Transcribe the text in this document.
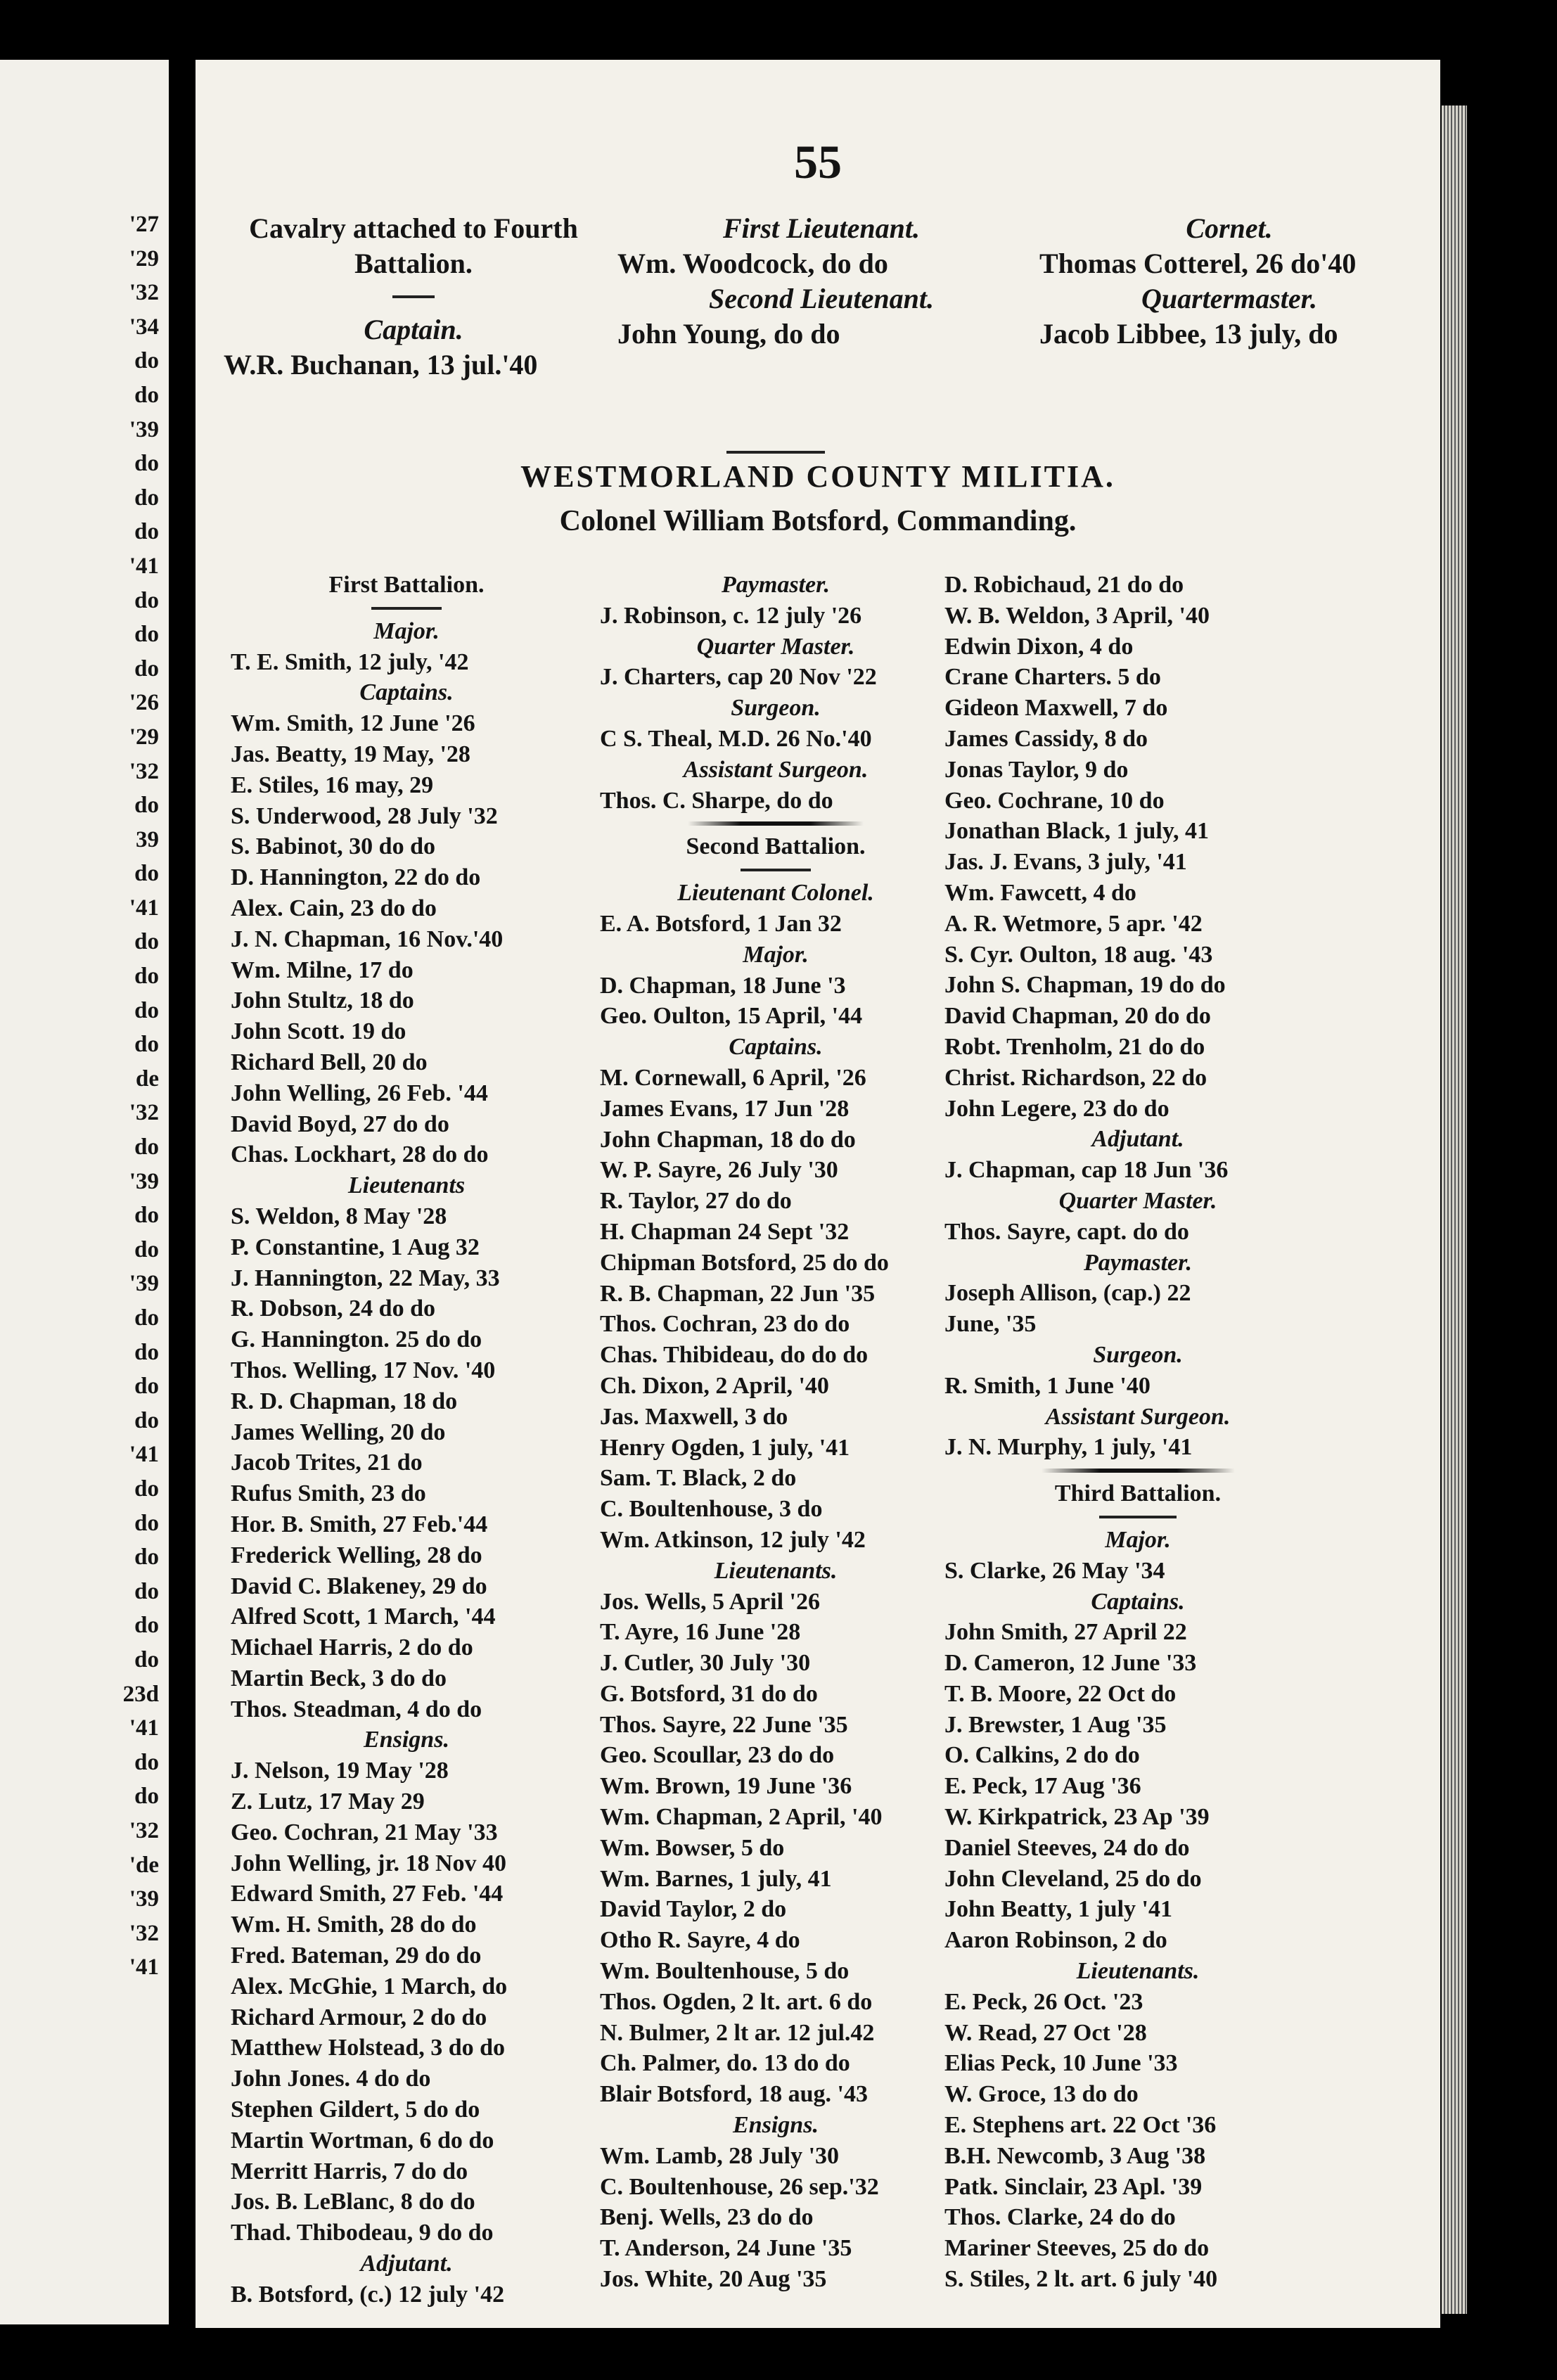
'27
'29
'32
'34
do
do
'39
do
do
do
'41
do
do
do
'26
'29
'32
do
39
do
'41
do
do
do
do
de
'32
do
'39
do
do
'39
do
do
do
do
'41
do
do
do
do
do
do
23d
'41
do
do
'32
'de
'39
'32
'41
55
Cavalry attached to Fourth
Battalion.
Captain.
W.R. Buchanan, 13 jul.'40
First Lieutenant.
Wm. Woodcock, do do
Second Lieutenant.
John Young, do do
Cornet.
Thomas Cotterel, 26 do'40
Quartermaster.
Jacob Libbee, 13 july, do
WESTMORLAND COUNTY MILITIA.
Colonel William Botsford, Commanding.
First Battalion.
Major.
T. E. Smith, 12 july, '42
Captains.
Wm. Smith, 12 June '26
Jas. Beatty, 19 May, '28
E. Stiles, 16 may, 29
S. Underwood, 28 July '32
S. Babinot, 30 do do
D. Hannington, 22 do do
Alex. Cain, 23 do do
J. N. Chapman, 16 Nov.'40
Wm. Milne, 17 do
John Stultz, 18 do
John Scott. 19 do
Richard Bell, 20 do
John Welling, 26 Feb. '44
David Boyd, 27 do do
Chas. Lockhart, 28 do do
Lieutenants
S. Weldon, 8 May '28
P. Constantine, 1 Aug 32
J. Hannington, 22 May, 33
R. Dobson, 24 do do
G. Hannington. 25 do do
Thos. Welling, 17 Nov. '40
R. D. Chapman, 18 do
James Welling, 20 do
Jacob Trites, 21 do
Rufus Smith, 23 do
Hor. B. Smith, 27 Feb.'44
Frederick Welling, 28 do
David C. Blakeney, 29 do
Alfred Scott, 1 March, '44
Michael Harris, 2 do do
Martin Beck, 3 do do
Thos. Steadman, 4 do do
Ensigns.
J. Nelson, 19 May '28
Z. Lutz, 17 May 29
Geo. Cochran, 21 May '33
John Welling, jr. 18 Nov 40
Edward Smith, 27 Feb. '44
Wm. H. Smith, 28 do do
Fred. Bateman, 29 do do
Alex. McGhie, 1 March, do
Richard Armour, 2 do do
Matthew Holstead, 3 do do
John Jones. 4 do do
Stephen Gildert, 5 do do
Martin Wortman, 6 do do
Merritt Harris, 7 do do
Jos. B. LeBlanc, 8 do do
Thad. Thibodeau, 9 do do
Adjutant.
B. Botsford, (c.) 12 july '42
Paymaster.
J. Robinson, c. 12 july '26
Quarter Master.
J. Charters, cap 20 Nov '22
Surgeon.
C S. Theal, M.D. 26 No.'40
Assistant Surgeon.
Thos. C. Sharpe, do do
Second Battalion.
Lieutenant Colonel.
E. A. Botsford, 1 Jan 32
Major.
D. Chapman, 18 June '3
Geo. Oulton, 15 April, '44
Captains.
M. Cornewall, 6 April, '26
James Evans, 17 Jun '28
John Chapman, 18 do do
W. P. Sayre, 26 July '30
R. Taylor, 27 do do
H. Chapman 24 Sept '32
Chipman Botsford, 25 do do
R. B. Chapman, 22 Jun '35
Thos. Cochran, 23 do do
Chas. Thibideau, do do do
Ch. Dixon, 2 April, '40
Jas. Maxwell, 3 do
Henry Ogden, 1 july, '41
Sam. T. Black, 2 do
C. Boultenhouse, 3 do
Wm. Atkinson, 12 july '42
Lieutenants.
Jos. Wells, 5 April '26
T. Ayre, 16 June '28
J. Cutler, 30 July '30
G. Botsford, 31 do do
Thos. Sayre, 22 June '35
Geo. Scoullar, 23 do do
Wm. Brown, 19 June '36
Wm. Chapman, 2 April, '40
Wm. Bowser, 5 do
Wm. Barnes, 1 july, 41
David Taylor, 2 do
Otho R. Sayre, 4 do
Wm. Boultenhouse, 5 do
Thos. Ogden, 2 lt. art. 6 do
N. Bulmer, 2 lt ar. 12 jul.42
Ch. Palmer, do. 13 do do
Blair Botsford, 18 aug. '43
Ensigns.
Wm. Lamb, 28 July '30
C. Boultenhouse, 26 sep.'32
Benj. Wells, 23 do do
T. Anderson, 24 June '35
Jos. White, 20 Aug '35
D. Robichaud, 21 do do
W. B. Weldon, 3 April, '40
Edwin Dixon, 4 do
Crane Charters. 5 do
Gideon Maxwell, 7 do
James Cassidy, 8 do
Jonas Taylor, 9 do
Geo. Cochrane, 10 do
Jonathan Black, 1 july, 41
Jas. J. Evans, 3 july, '41
Wm. Fawcett, 4 do
A. R. Wetmore, 5 apr. '42
S. Cyr. Oulton, 18 aug. '43
John S. Chapman, 19 do do
David Chapman, 20 do do
Robt. Trenholm, 21 do do
Christ. Richardson, 22 do
John Legere, 23 do do
Adjutant.
J. Chapman, cap 18 Jun '36
Quarter Master.
Thos. Sayre, capt. do do
Paymaster.
Joseph Allison, (cap.) 22
June, '35
Surgeon.
R. Smith, 1 June '40
Assistant Surgeon.
J. N. Murphy, 1 july, '41
Third Battalion.
Major.
S. Clarke, 26 May '34
Captains.
John Smith, 27 April 22
D. Cameron, 12 June '33
T. B. Moore, 22 Oct do
J. Brewster, 1 Aug '35
O. Calkins, 2 do do
E. Peck, 17 Aug '36
W. Kirkpatrick, 23 Ap '39
Daniel Steeves, 24 do do
John Cleveland, 25 do do
John Beatty, 1 july '41
Aaron Robinson, 2 do
Lieutenants.
E. Peck, 26 Oct. '23
W. Read, 27 Oct '28
Elias Peck, 10 June '33
W. Groce, 13 do do
E. Stephens art. 22 Oct '36
B.H. Newcomb, 3 Aug '38
Patk. Sinclair, 23 Apl. '39
Thos. Clarke, 24 do do
Mariner Steeves, 25 do do
S. Stiles, 2 lt. art. 6 july '40
